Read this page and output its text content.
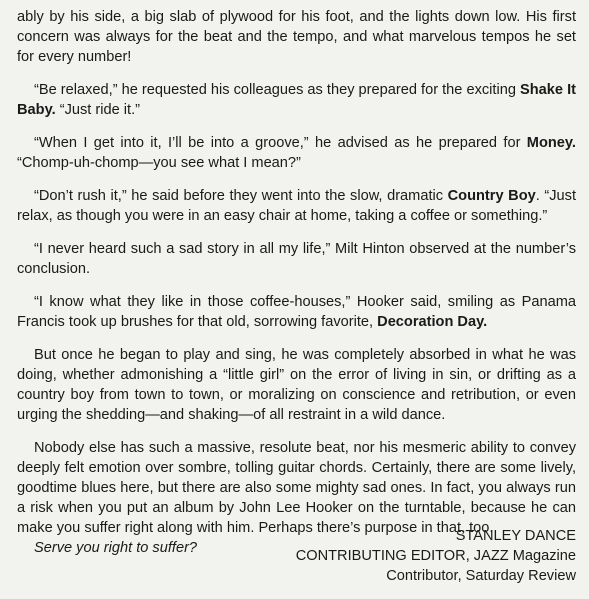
ably by his side, a big slab of plywood for his foot, and the lights down low. His first concern was always for the beat and the tempo, and what marvelous tempos he set for every number!

“Be relaxed,” he requested his colleagues as they prepared for the exciting Shake It Baby. “Just ride it.”

“When I get into it, I’ll be into a groove,” he advised as he prepared for Money. “Chomp-uh-chomp—you see what I mean?”

“Don’t rush it,” he said before they went into the slow, dramatic Country Boy. “Just relax, as though you were in an easy chair at home, taking a coffee or something.”

“I never heard such a sad story in all my life,” Milt Hinton observed at the number’s conclusion.

“I know what they like in those coffee-houses,” Hooker said, smiling as Panama Francis took up brushes for that old, sorrowing favorite, Decoration Day.

But once he began to play and sing, he was completely absorbed in what he was doing, whether admonishing a “little girl” on the error of living in sin, or drifting as a country boy from town to town, or moralizing on conscience and retribution, or even urging the shedding—and shaking—of all restraint in a wild dance.

Nobody else has such a massive, resolute beat, nor his mesmeric ability to convey deeply felt emotion over sombre, tolling guitar chords. Certainly, there are some lively, goodtime blues here, but there are also some mighty sad ones. In fact, you always run a risk when you put an album by John Lee Hooker on the turntable, because he can make you suffer right along with him. Perhaps there’s purpose in that, too.
Serve you right to suffer?

STANLEY DANCE
CONTRIBUTING EDITOR, JAZZ Magazine
Contributor, Saturday Review
